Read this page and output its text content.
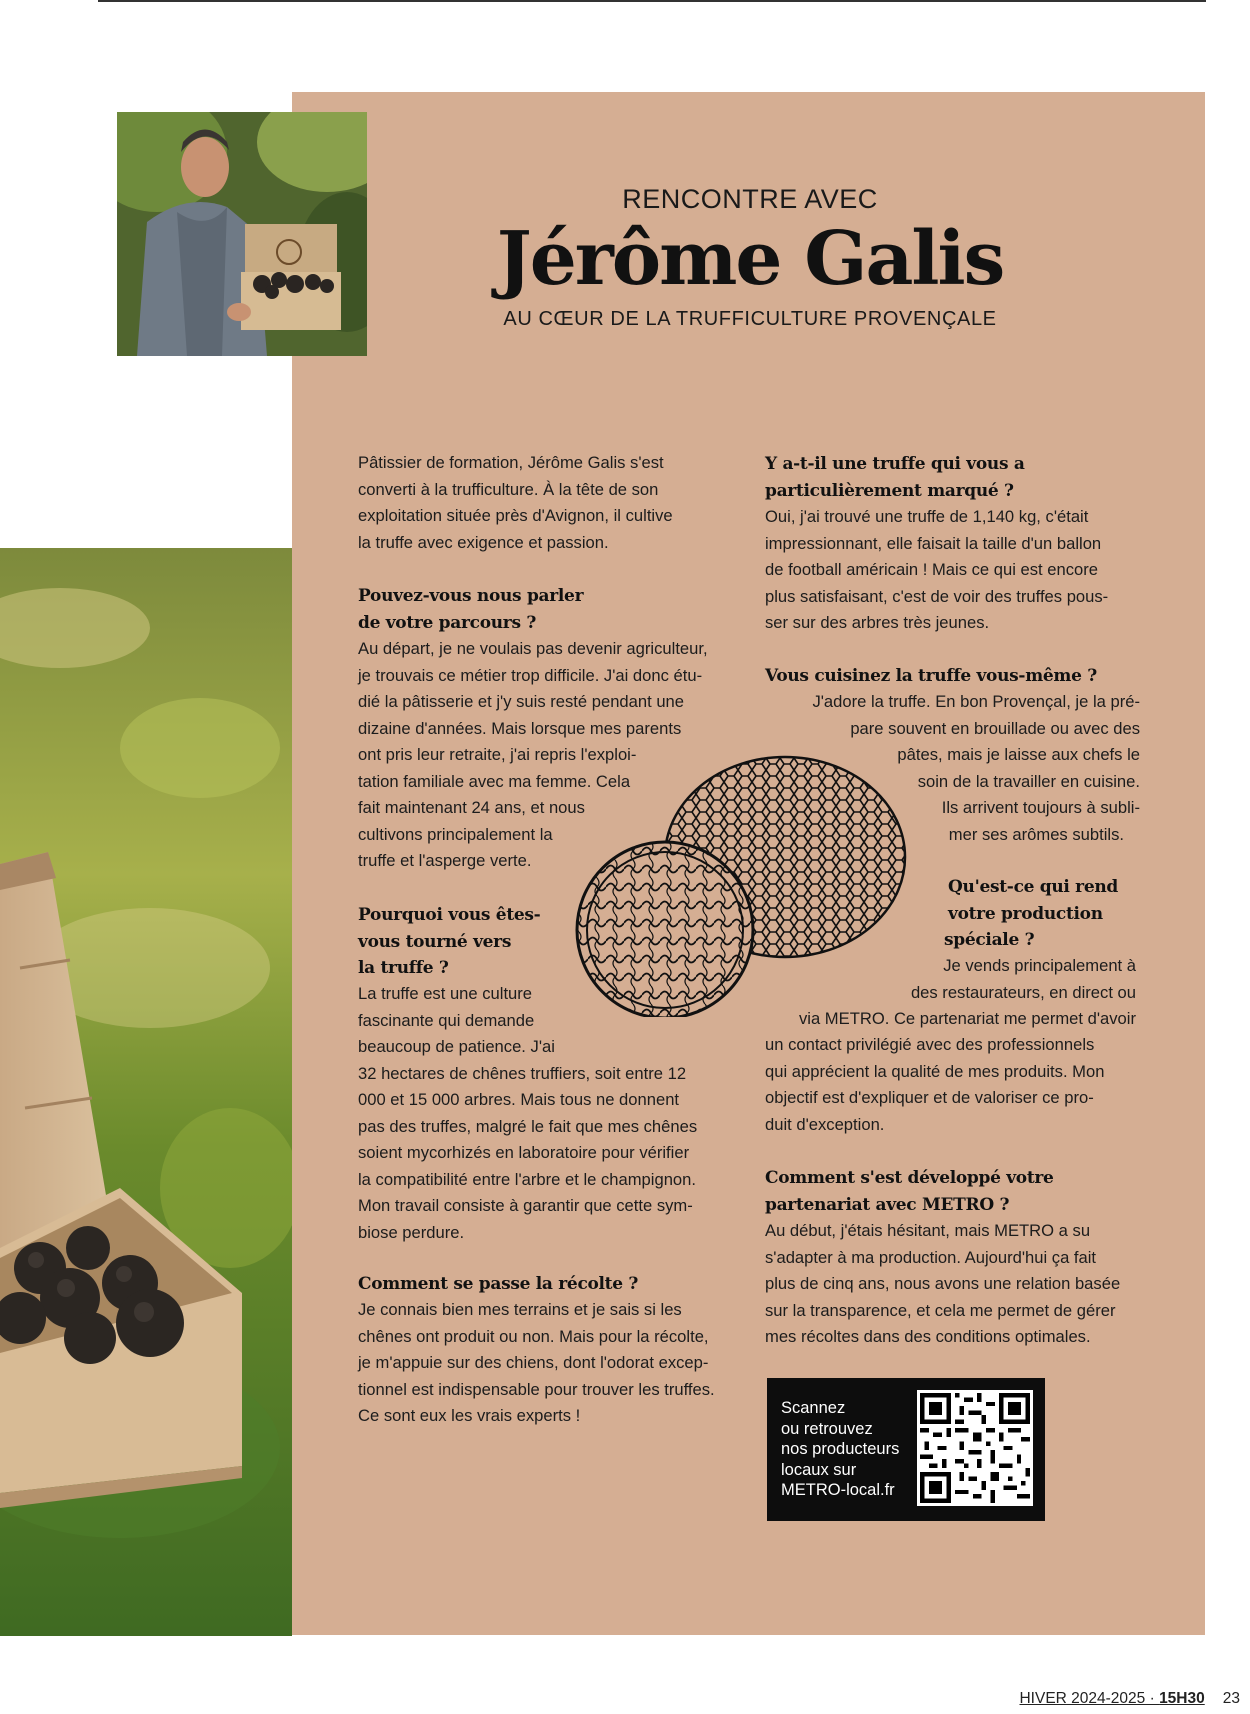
RENCONTRE AVEC
Jérôme Galis
AU CŒUR DE LA TRUFFICULTURE PROVENÇALE
Pâtissier de formation, Jérôme Galis s'est
converti à la trufficulture. À la tête de son
exploitation située près d'Avignon, il cultive
la truffe avec exigence et passion.
Pouvez-vous nous parler
de votre parcours ?
Au départ, je ne voulais pas devenir agriculteur,
je trouvais ce métier trop difficile. J'ai donc étu-
dié la pâtisserie et j'y suis resté pendant une
dizaine d'années. Mais lorsque mes parents
ont pris leur retraite, j'ai repris l'exploi-
tation familiale avec ma femme. Cela
fait maintenant 24 ans, et nous
cultivons principalement la
truffe et l'asperge verte.
Pourquoi vous êtes-
vous tourné vers
la truffe ?
La truffe est une culture
fascinante qui demande
beaucoup de patience. J'ai
32 hectares de chênes truffiers, soit entre 12
000 et 15 000 arbres. Mais tous ne donnent
pas des truffes, malgré le fait que mes chênes
soient mycorhizés en laboratoire pour vérifier
la compatibilité entre l'arbre et le champignon.
Mon travail consiste à garantir que cette sym-
biose perdure.
Comment se passe la récolte ?
Je connais bien mes terrains et je sais si les
chênes ont produit ou non. Mais pour la récolte,
je m'appuie sur des chiens, dont l'odorat excep-
tionnel est indispensable pour trouver les truffes.
Ce sont eux les vrais experts !
Y a-t-il une truffe qui vous a
particulièrement marqué ?
Oui, j'ai trouvé une truffe de 1,140 kg, c'était
impressionnant, elle faisait la taille d'un ballon
de football américain ! Mais ce qui est encore
plus satisfaisant, c'est de voir des truffes pous-
ser sur des arbres très jeunes.
Vous cuisinez la truffe vous-même ?
J'adore la truffe. En bon Provençal, je la pré-
pare souvent en brouillade ou avec des
pâtes, mais je laisse aux chefs le
soin de la travailler en cuisine.
Ils arrivent toujours à subli-
mer ses arômes subtils.
Qu'est-ce qui rend
votre production
spéciale ?
Je vends principalement à
des restaurateurs, en direct ou
via METRO. Ce partenariat me permet d'avoir
un contact privilégié avec des professionnels
qui apprécient la qualité de mes produits. Mon
objectif est d'expliquer et de valoriser ce pro-
duit d'exception.
Comment s'est développé votre
partenariat avec METRO ?
Au début, j'étais hésitant, mais METRO a su
s'adapter à ma production. Aujourd'hui ça fait
plus de cinq ans, nous avons une relation basée
sur la transparence, et cela me permet de gérer
mes récoltes dans des conditions optimales.
Scannez
ou retrouvez
nos producteurs
locaux sur
METRO-local.fr
HIVER 2024-2025 · 15H30 23
